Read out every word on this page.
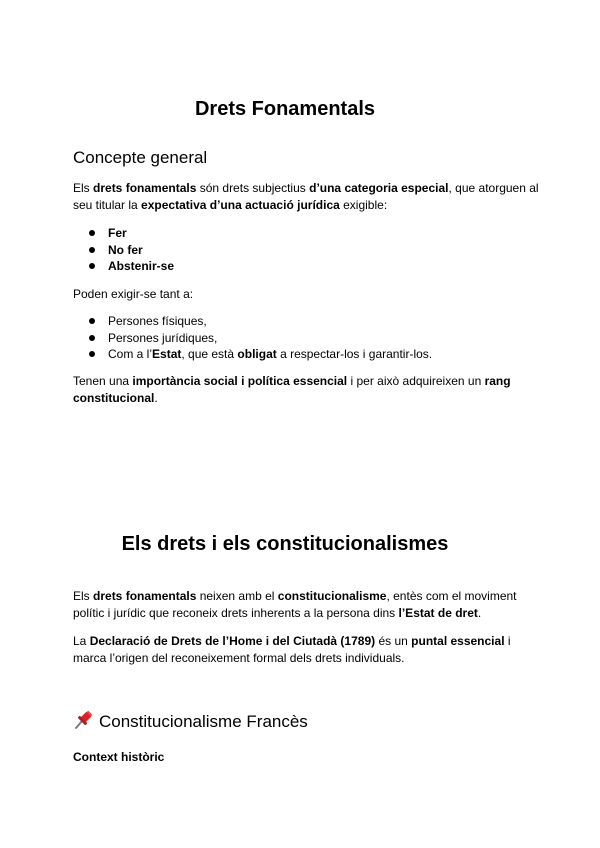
Drets Fonamentals
Concepte general
Els drets fonamentals són drets subjectius d’una categoria especial, que atorguen al seu titular la expectativa d’una actuació jurídica exigible:
Fer
No fer
Abstenir-se
Poden exigir-se tant a:
Persones físiques,
Persones jurídiques,
Com a l’Estat, que està obligat a respectar-los i garantir-los.
Tenen una importància social i política essencial i per això adquireixen un rang constitucional.
Els drets i els constitucionalismes
Els drets fonamentals neixen amb el constitucionalisme, entès com el moviment polític i jurídic que reconeix drets inherents a la persona dins l’Estat de dret.
La Declaració de Drets de l’Home i del Ciutadà (1789) és un puntal essencial i marca l’origen del reconeixement formal dels drets individuals.
Constitucionalisme Francès
Context històric
